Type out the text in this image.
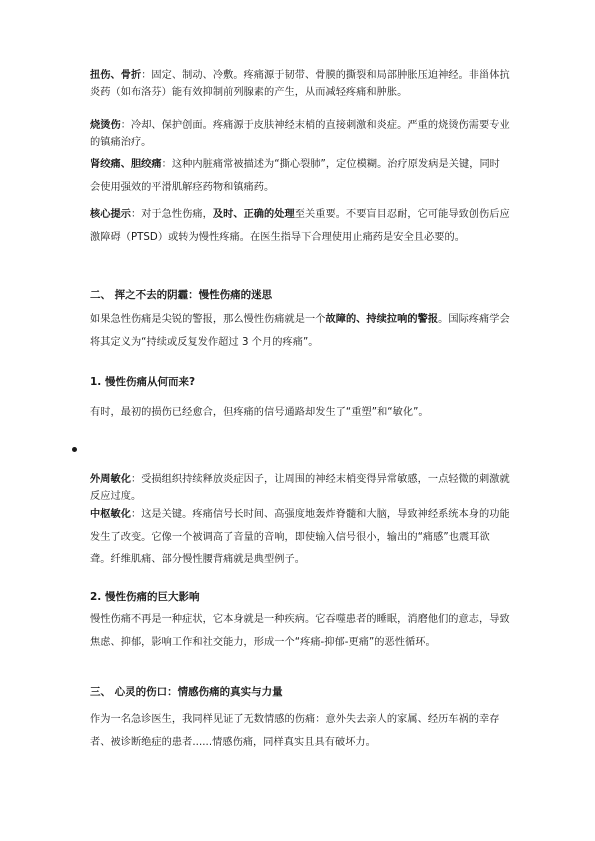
扭伤、骨折：固定、制动、冷敷。疼痛源于韧带、骨膜的撕裂和局部肿胀压迫神经。非甾体抗炎药（如布洛芬）能有效抑制前列腺素的产生，从而减轻疼痛和肿胀。

烧烫伤：冷却、保护创面。疼痛源于皮肤神经末梢的直接刺激和炎症。严重的烧烫伤需要专业的镇痛治疗。

肾绞痛、胆绞痛：这种内脏痛常被描述为“撕心裂肺”，定位模糊。治疗原发病是关键，同时会使用强效的平滑肌解痉药物和镇痛药。

核心提示：对于急性伤痛，及时、正确的处理至关重要。不要盲目忍耐，它可能导致创伤后应激障碍（PTSD）或转为慢性疼痛。在医生指导下合理使用止痛药是安全且必要的。

二、 挥之不去的阴霾：慢性伤痛的迷思

如果急性伤痛是尖锐的警报，那么慢性伤痛就是一个故障的、持续拉响的警报。国际疼痛学会将其定义为“持续或反复发作超过 3 个月的疼痛”。

1. 慢性伤痛从何而来?

有时，最初的损伤已经愈合，但疼痛的信号通路却发生了“重塑”和“敏化”。

外周敏化：受损组织持续释放炎症因子，让周围的神经末梢变得异常敏感，一点轻微的刺激就反应过度。

中枢敏化：这是关键。疼痛信号长时间、高强度地轰炸脊髓和大脑，导致神经系统本身的功能发生了改变。它像一个被调高了音量的音响，即使输入信号很小，输出的“痛感”也震耳欲聋。纤维肌痛、部分慢性腰背痛就是典型例子。

2. 慢性伤痛的巨大影响

慢性伤痛不再是一种症状，它本身就是一种疾病。它吞噬患者的睡眠，消磨他们的意志，导致焦虑、抑郁，影响工作和社交能力，形成一个“疼痛-抑郁-更痛”的恶性循环。

三、 心灵的伤口：情感伤痛的真实与力量

作为一名急诊医生，我同样见证了无数情感的伤痛：意外失去亲人的家属、经历车祸的幸存者、被诊断绝症的患者......情感伤痛，同样真实且具有破坏力。
